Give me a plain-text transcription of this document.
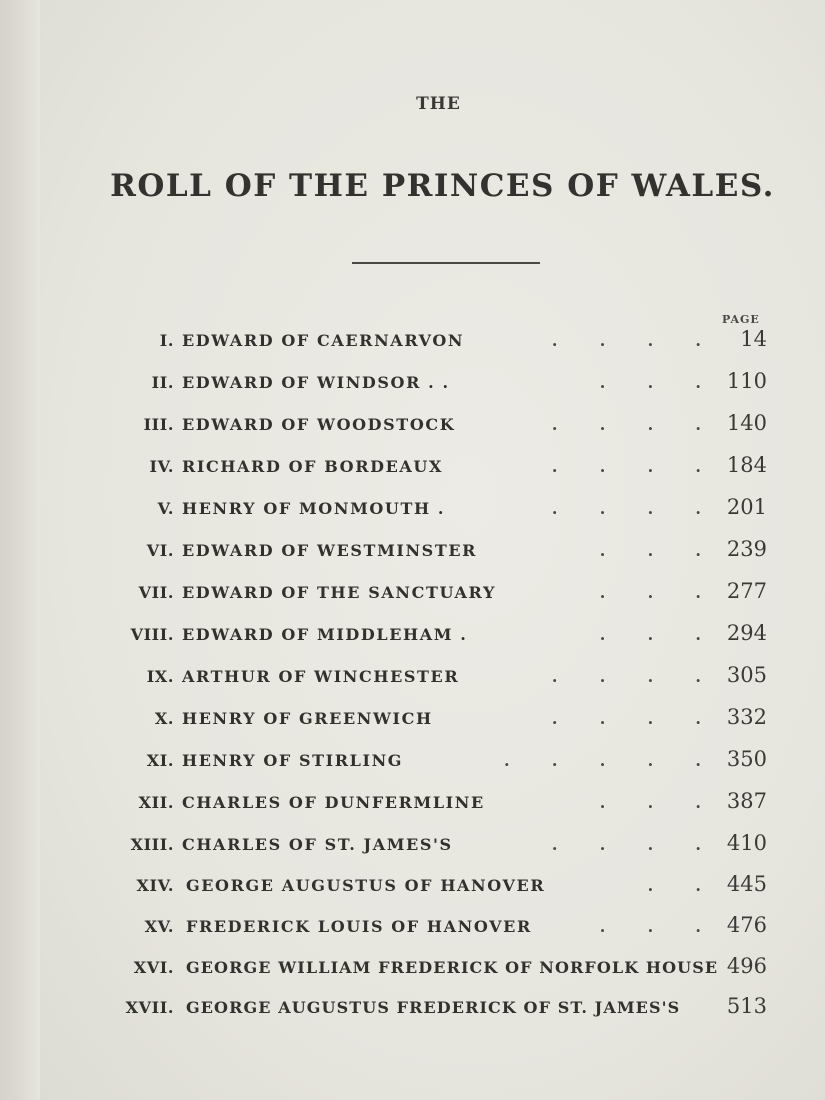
THE
ROLL OF THE PRINCES OF WALES.
PAGE
I. EDWARD OF CAERNARVON	.    .    .    . 14
II. EDWARD OF WINDSOR . .	.    .    . 110
III. EDWARD OF WOODSTOCK	.    .    .    . 140
IV. RICHARD OF BORDEAUX	.    .    .    . 184
V. HENRY OF MONMOUTH .	.    .    .    . 201
VI. EDWARD OF WESTMINSTER	.    .    . 239
VII. EDWARD OF THE SANCTUARY	.    .    . 277
VIII. EDWARD OF MIDDLEHAM .	.    .    . 294
IX. ARTHUR OF WINCHESTER	.    .    .    . 305
X. HENRY OF GREENWICH	.    .    .    . 332
XI. HENRY OF STIRLING	.    .    .    .    . 350
XII. CHARLES OF DUNFERMLINE	.    .    . 387
XIII. CHARLES OF ST. JAMES'S	.    .    .    . 410
XIV. GEORGE AUGUSTUS OF HANOVER	.    . 445
XV. FREDERICK LOUIS OF HANOVER .    .    . 476
XVI. GEORGE WILLIAM FREDERICK OF NORFOLK HOUSE 496
XVII. GEORGE AUGUSTUS FREDERICK OF ST. JAMES'S 513
